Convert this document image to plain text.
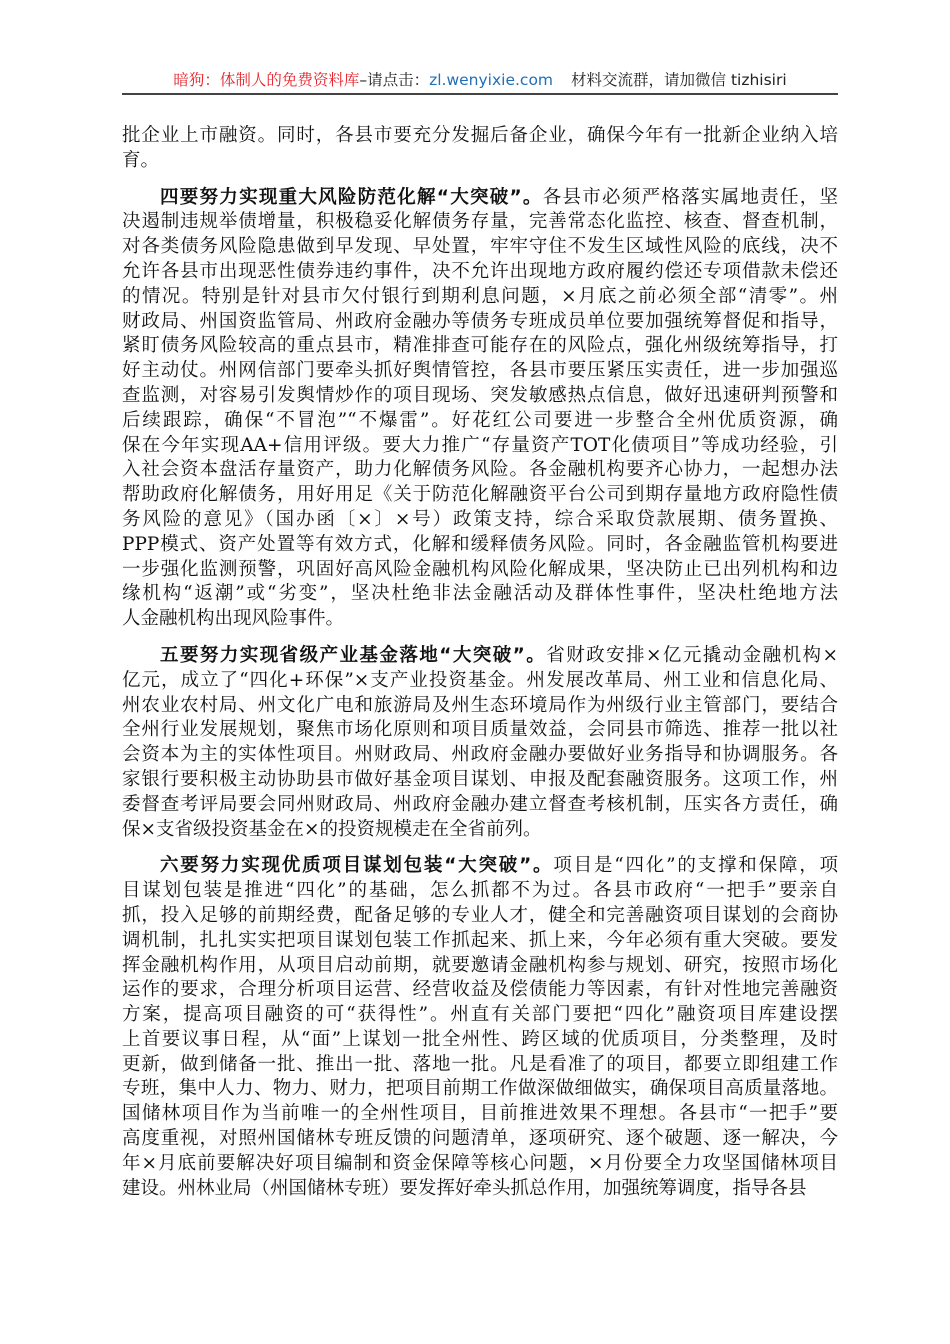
暗狗：体制人的免费资料库–请点击：zl.wenyixie.com 材料交流群，请加微信 tizhisiri
批企业上市融资。同时，各县市要充分发掘后备企业，确保今年有一批新企业纳入培
育。
四要努力实现重大风险防范化解“大突破”。各县市必须严格落实属地责任，坚
决遏制违规举债增量，积极稳妥化解债务存量，完善常态化监控、核查、督查机制，
对各类债务风险隐患做到早发现、早处置，牢牢守住不发生区域性风险的底线，决不
允许各县市出现恶性债券违约事件，决不允许出现地方政府履约偿还专项借款未偿还
的情况。特别是针对县市欠付银行到期利息问题，×月底之前必须全部“清零”。州
财政局、州国资监管局、州政府金融办等债务专班成员单位要加强统筹督促和指导，
紧盯债务风险较高的重点县市，精准排查可能存在的风险点，强化州级统筹指导，打
好主动仗。州网信部门要牵头抓好舆情管控，各县市要压紧压实责任，进一步加强巡
查监测，对容易引发舆情炒作的项目现场、突发敏感热点信息，做好迅速研判预警和
后续跟踪，确保“不冒泡”“不爆雷”。好花红公司要进一步整合全州优质资源，确
保在今年实现AA+信用评级。要大力推广“存量资产TOT化债项目”等成功经验，引
入社会资本盘活存量资产，助力化解债务风险。各金融机构要齐心协力，一起想办法
帮助政府化解债务，用好用足《关于防范化解融资平台公司到期存量地方政府隐性债
务风险的意见》（国办函〔×〕×号）政策支持，综合采取贷款展期、债务置换、
PPP模式、资产处置等有效方式，化解和缓释债务风险。同时，各金融监管机构要进
一步强化监测预警，巩固好高风险金融机构风险化解成果，坚决防止已出列机构和边
缘机构“返潮”或“劣变”，坚决杜绝非法金融活动及群体性事件，坚决杜绝地方法
人金融机构出现风险事件。
五要努力实现省级产业基金落地“大突破”。省财政安排×亿元撬动金融机构×
亿元，成立了“四化+环保”×支产业投资基金。州发展改革局、州工业和信息化局、
州农业农村局、州文化广电和旅游局及州生态环境局作为州级行业主管部门，要结合
全州行业发展规划，聚焦市场化原则和项目质量效益，会同县市筛选、推荐一批以社
会资本为主的实体性项目。州财政局、州政府金融办要做好业务指导和协调服务。各
家银行要积极主动协助县市做好基金项目谋划、申报及配套融资服务。这项工作，州
委督查考评局要会同州财政局、州政府金融办建立督查考核机制，压实各方责任，确
保×支省级投资基金在×的投资规模走在全省前列。
六要努力实现优质项目谋划包装“大突破”。项目是“四化”的支撑和保障，项
目谋划包装是推进“四化”的基础，怎么抓都不为过。各县市政府“一把手”要亲自
抓，投入足够的前期经费，配备足够的专业人才，健全和完善融资项目谋划的会商协
调机制，扎扎实实把项目谋划包装工作抓起来、抓上来，今年必须有重大突破。要发
挥金融机构作用，从项目启动前期，就要邀请金融机构参与规划、研究，按照市场化
运作的要求，合理分析项目运营、经营收益及偿债能力等因素，有针对性地完善融资
方案，提高项目融资的可“获得性”。州直有关部门要把“四化”融资项目库建设摆
上首要议事日程，从“面”上谋划一批全州性、跨区域的优质项目，分类整理，及时
更新，做到储备一批、推出一批、落地一批。凡是看准了的项目，都要立即组建工作
专班，集中人力、物力、财力，把项目前期工作做深做细做实，确保项目高质量落地。
国储林项目作为当前唯一的全州性项目，目前推进效果不理想。各县市“一把手”要
高度重视，对照州国储林专班反馈的问题清单，逐项研究、逐个破题、逐一解决，今
年×月底前要解决好项目编制和资金保障等核心问题，×月份要全力攻坚国储林项目
建设。州林业局（州国储林专班）要发挥好牵头抓总作用，加强统筹调度，指导各县
